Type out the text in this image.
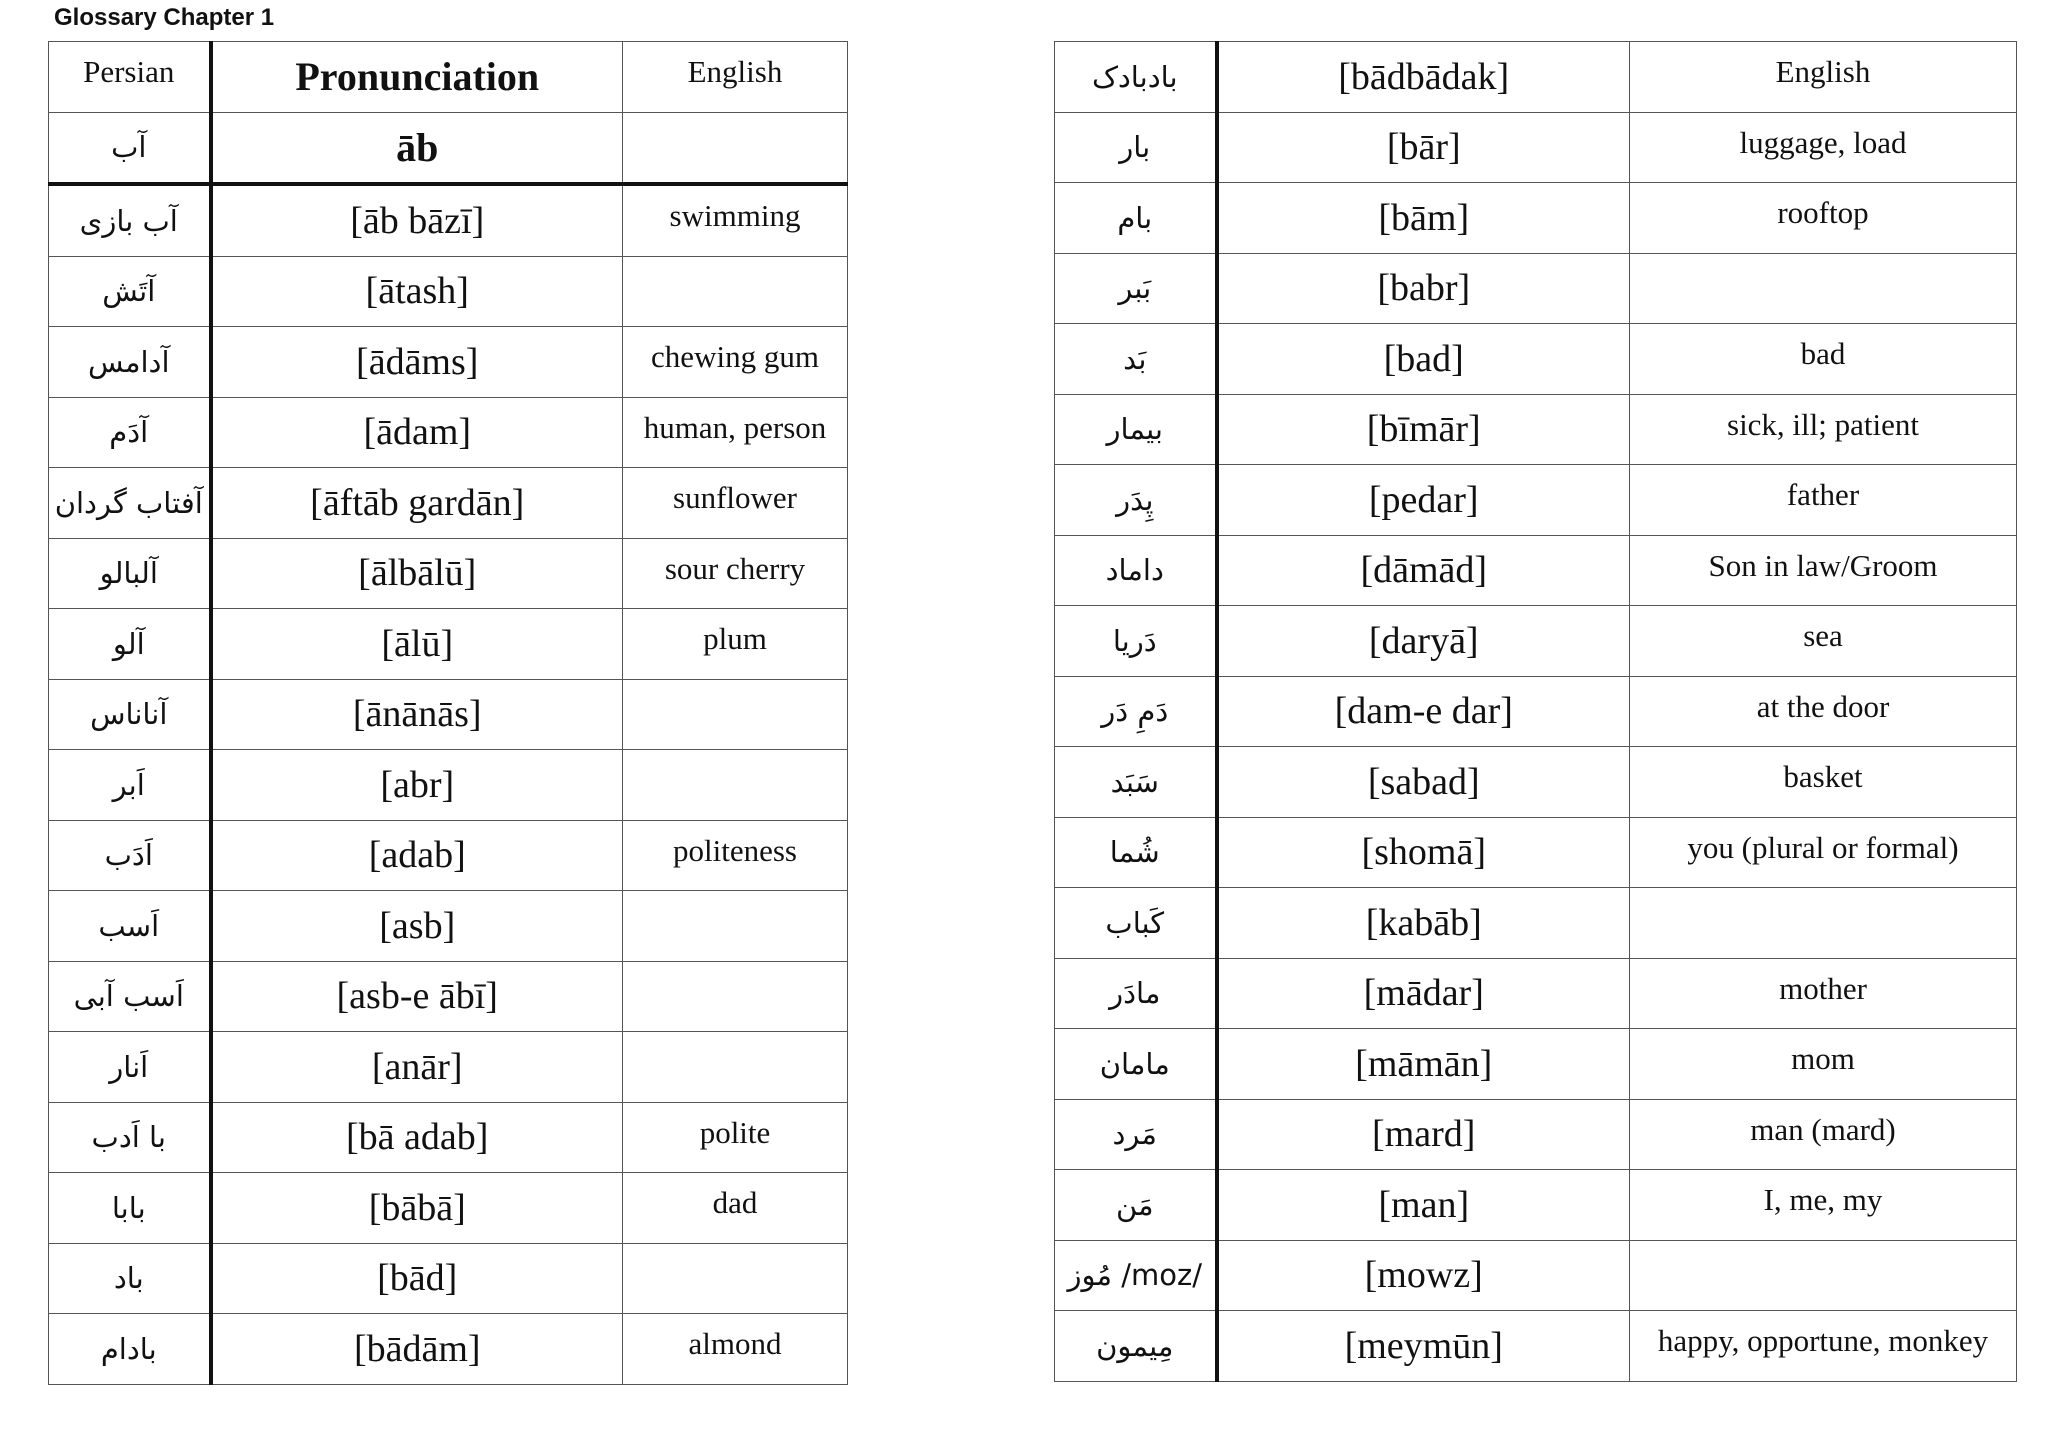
Glossary Chapter 1
Persian	Pronunciation	English
آب	āb	
آب بازی	[āb bāzī]	swimming
آتَش	[ātash]	
آدامس	[ādāms]	chewing gum
آدَم	[ādam]	human, person
آفتاب گردان	[āftāb gardān]	sunflower
آلبالو	[ālbālū]	sour cherry
آلو	[ālū]	plum
آناناس	[ānānās]	
اَبر	[abr]	
اَدَب	[adab]	politeness
اَسب	[asb]	
اَسب آبی	[asb-e ābī]	
اَنار	[anār]	
با اَدب	[bā adab]	polite
بابا	[bābā]	dad
باد	[bād]	
بادام	[bādām]	almond
بادبادک	[bādbādak]	English
بار	[bār]	luggage, load
بام	[bām]	rooftop
بَبر	[babr]	
بَد	[bad]	bad
بیمار	[bīmār]	sick, ill; patient
پِدَر	[pedar]	father
داماد	[dāmād]	Son in law/Groom
دَریا	[daryā]	sea
دَمِ دَر	[dam-e dar]	at the door
سَبَد	[sabad]	basket
شُما	[shomā]	you (plural or formal)
کَباب	[kabāb]	
مادَر	[mādar]	mother
مامان	[māmān]	mom
مَرد	[mard]	man (mard)
مَن	[man]	I, me, my
/moz/ مُوز	[mowz]	
مِیمون	[meymūn]	happy, opportune, monkey
